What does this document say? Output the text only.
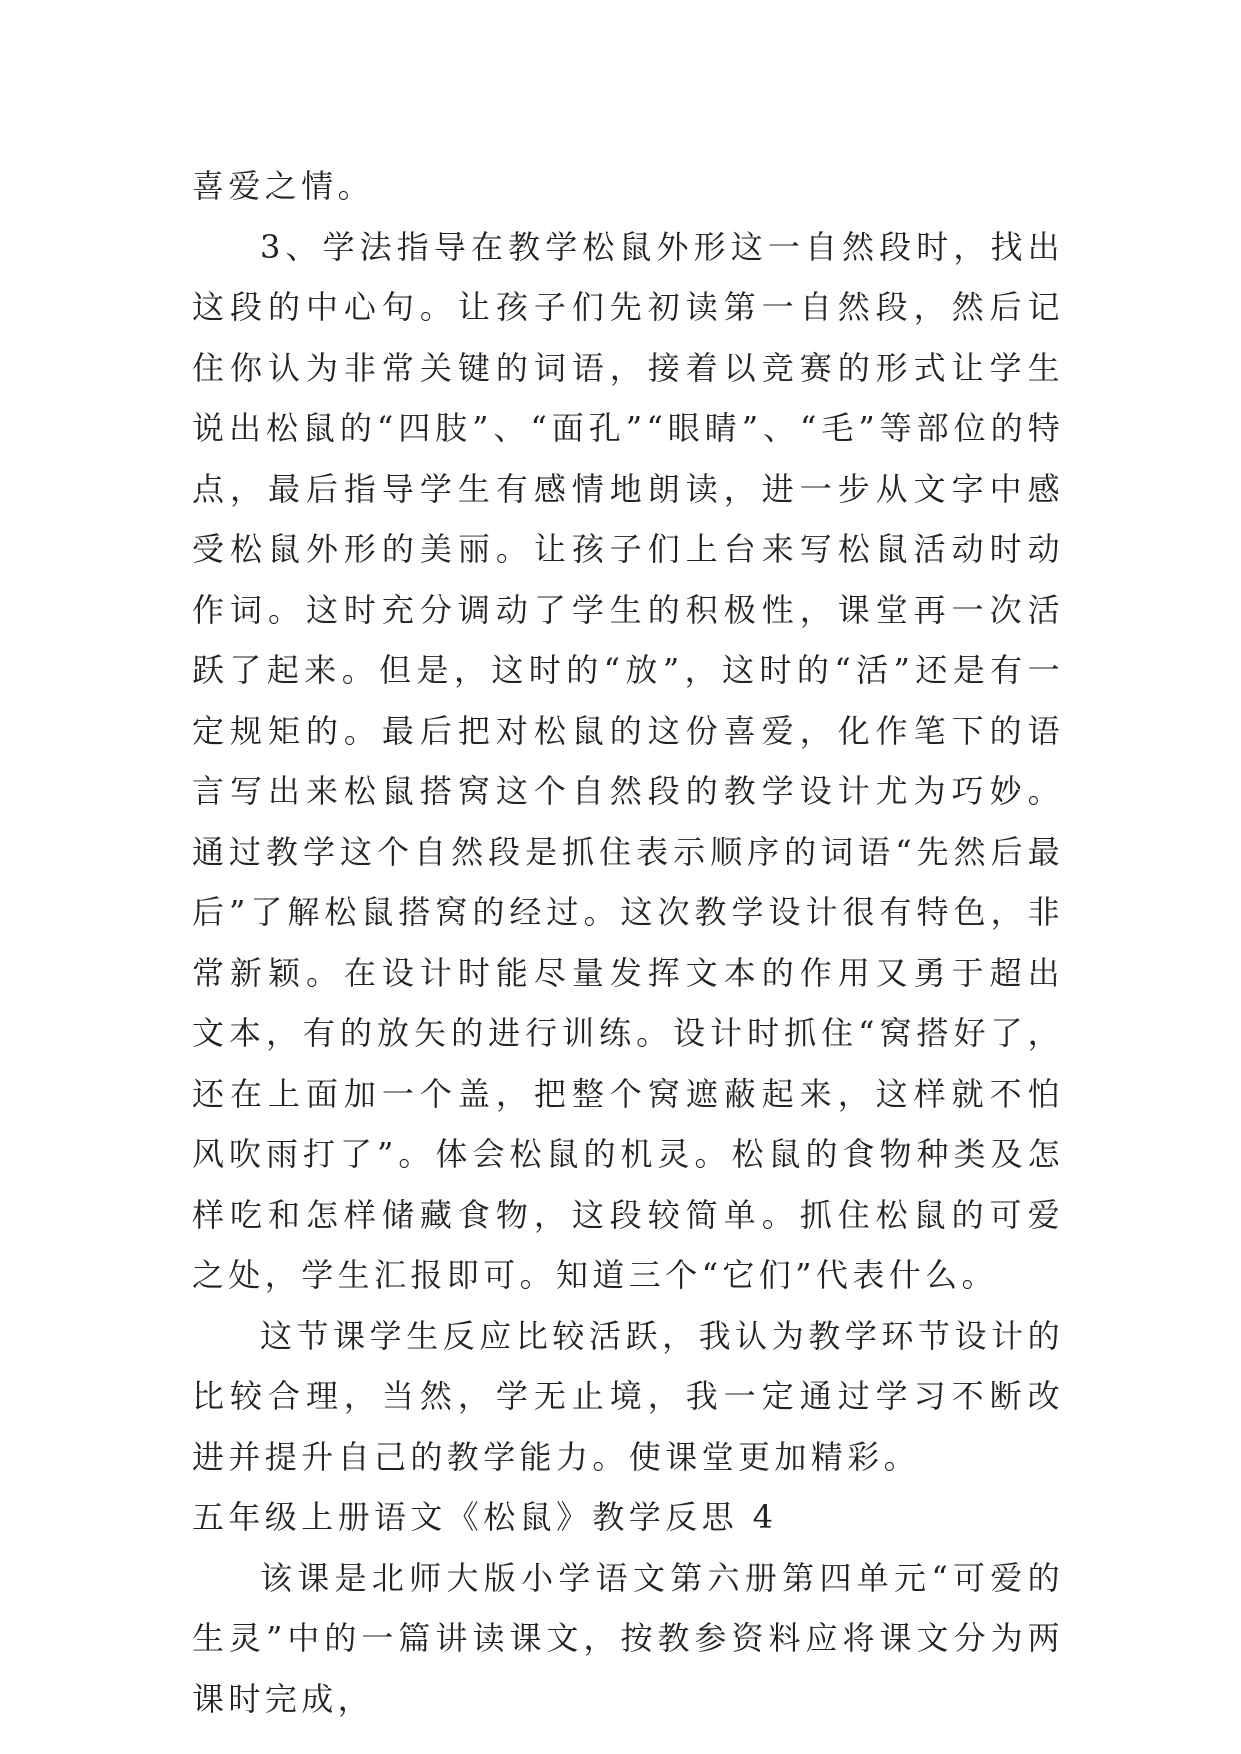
喜爱之情。

3、学法指导在教学松鼠外形这一自然段时，找出这段的中心句。让孩子们先初读第一自然段，然后记住你认为非常关键的词语，接着以竞赛的形式让学生说出松鼠的“四肢”、“面孔”“眼睛”、“毛”等部位的特点，最后指导学生有感情地朗读，进一步从文字中感受松鼠外形的美丽。让孩子们上台来写松鼠活动时动作词。这时充分调动了学生的积极性，课堂再一次活跃了起来。但是，这时的“放”，这时的“活”还是有一定规矩的。最后把对松鼠的这份喜爱，化作笔下的语言写出来松鼠搭窝这个自然段的教学设计尤为巧妙。通过教学这个自然段是抓住表示顺序的词语“先然后最后”了解松鼠搭窝的经过。这次教学设计很有特色，非常新颖。在设计时能尽量发挥文本的作用又勇于超出文本，有的放矢的进行训练。设计时抓住“窝搭好了，还在上面加一个盖，把整个窝遮蔽起来，这样就不怕风吹雨打了”。体会松鼠的机灵。松鼠的食物种类及怎样吃和怎样储藏食物，这段较简单。抓住松鼠的可爱之处，学生汇报即可。知道三个“它们”代表什么。

这节课学生反应比较活跃，我认为教学环节设计的比较合理，当然，学无止境，我一定通过学习不断改进并提升自己的教学能力。使课堂更加精彩。

五年级上册语文《松鼠》教学反思 4

该课是北师大版小学语文第六册第四单元“可爱的生灵”中的一篇讲读课文，按教参资料应将课文分为两课时完成，
